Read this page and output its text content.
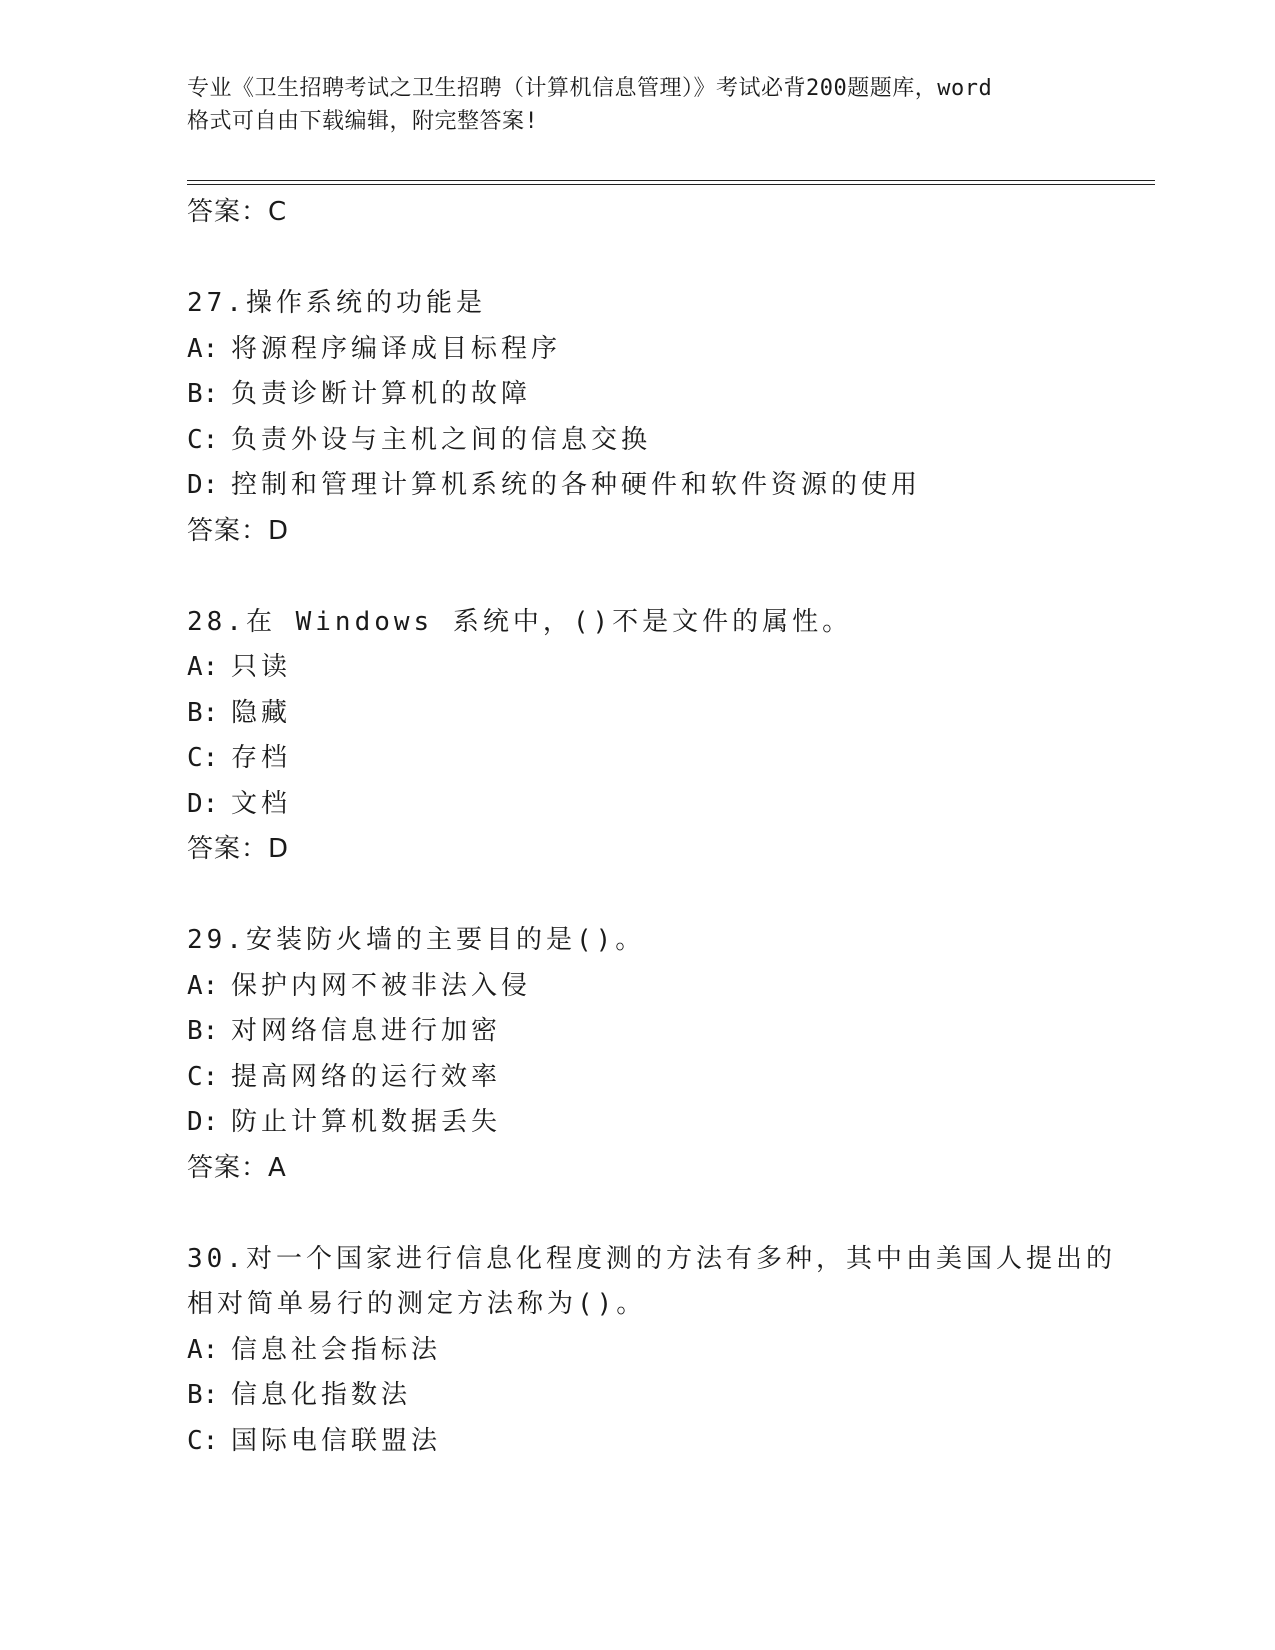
专业《卫生招聘考试之卫生招聘（计算机信息管理）》考试必背200题题库，word
格式可自由下载编辑，附完整答案!
答案：C
27.操作系统的功能是
A: 将源程序编译成目标程序
B: 负责诊断计算机的故障
C: 负责外设与主机之间的信息交换
D: 控制和管理计算机系统的各种硬件和软件资源的使用
答案：D
28.在 Windows 系统中，()不是文件的属性。
A: 只读
B: 隐藏
C: 存档
D: 文档
答案：D
29.安装防火墙的主要目的是()。
A: 保护内网不被非法入侵
B: 对网络信息进行加密
C: 提高网络的运行效率
D: 防止计算机数据丢失
答案：A
30.对一个国家进行信息化程度测的方法有多种，其中由美国人提出的
相对简单易行的测定方法称为()。
A: 信息社会指标法
B: 信息化指数法
C: 国际电信联盟法
